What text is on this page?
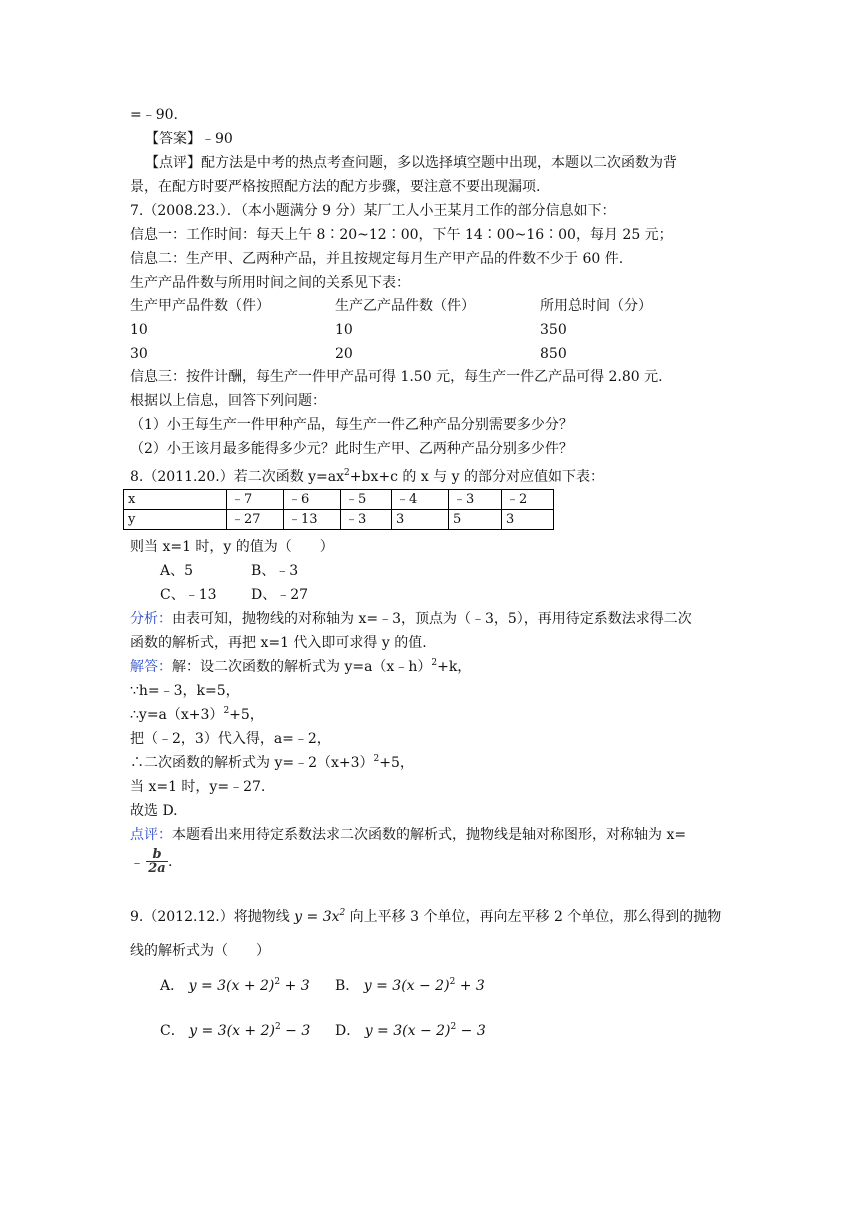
=﹣90.
【答案】﹣90
【点评】配方法是中考的热点考查问题，多以选择填空题中出现，本题以二次函数为背
景，在配方时要严格按照配方法的配方步骤，要注意不要出现漏项.
7.（2008.23.）．（本小题满分 9 分）某厂工人小王某月工作的部分信息如下：
信息一：工作时间：每天上午 8∶20~12∶00，下午 14∶00~16∶00，每月 25 元；
信息二：生产甲、乙两种产品，并且按规定每月生产甲产品的件数不少于 60 件.
生产产品件数与所用时间之间的关系见下表：
生产甲产品件数（件）	生产乙产品件数（件）	所用总时间（分）
10	10	350
30	20	850
信息三：按件计酬，每生产一件甲产品可得 1.50 元，每生产一件乙产品可得 2.80 元.
根据以上信息，回答下列问题：
（1）小王每生产一件甲种产品，每生产一件乙种产品分别需要多少分？
（2）小王该月最多能得多少元？此时生产甲、乙两种产品分别多少件？
8.（2011.20.）若二次函数 $y=ax^2+bx+c$ 的 x 与 y 的部分对应值如下表：
x	﹣7	﹣6	﹣5	﹣4	﹣3	﹣2
y	﹣27	﹣13	﹣3	3	5	3
则当 x=1 时，y 的值为（　　）
A、5	B、﹣3
C、﹣13 D、﹣27
分析：由表可知，抛物线的对称轴为 x=﹣3，顶点为（﹣3，5），再用待定系数法求得二次
函数的解析式，再把 x=1 代入即可求得 y 的值.
解答：解：设二次函数的解析式为 y=a（x﹣h）$^2$+k，
∵h=﹣3，k=5，
$\therefore y=a(x+3)^2+5$，
把（﹣2，3）代入得，a=﹣2，
∴二次函数的解析式为 $y=﹣2(x+3)^2+5$，
当 x=1 时，y=﹣27.
故选 D.
点评：本题看出来用待定系数法求二次函数的解析式，抛物线是轴对称图形，对称轴为 x=
﹣ b
2a .
9.（2012.12.）将抛物线 $y = 3x^2$ 向上平移 3 个单位，再向左平移 2 个单位，那么得到的抛物
线的解析式为（　　）
A． $y = 3(x + 2)^2 + 3$ B． $y = 3(x - 2)^2 + 3$
C． $y = 3(x + 2)^2 - 3$ D． $y = 3(x - 2)^2 - 3$
